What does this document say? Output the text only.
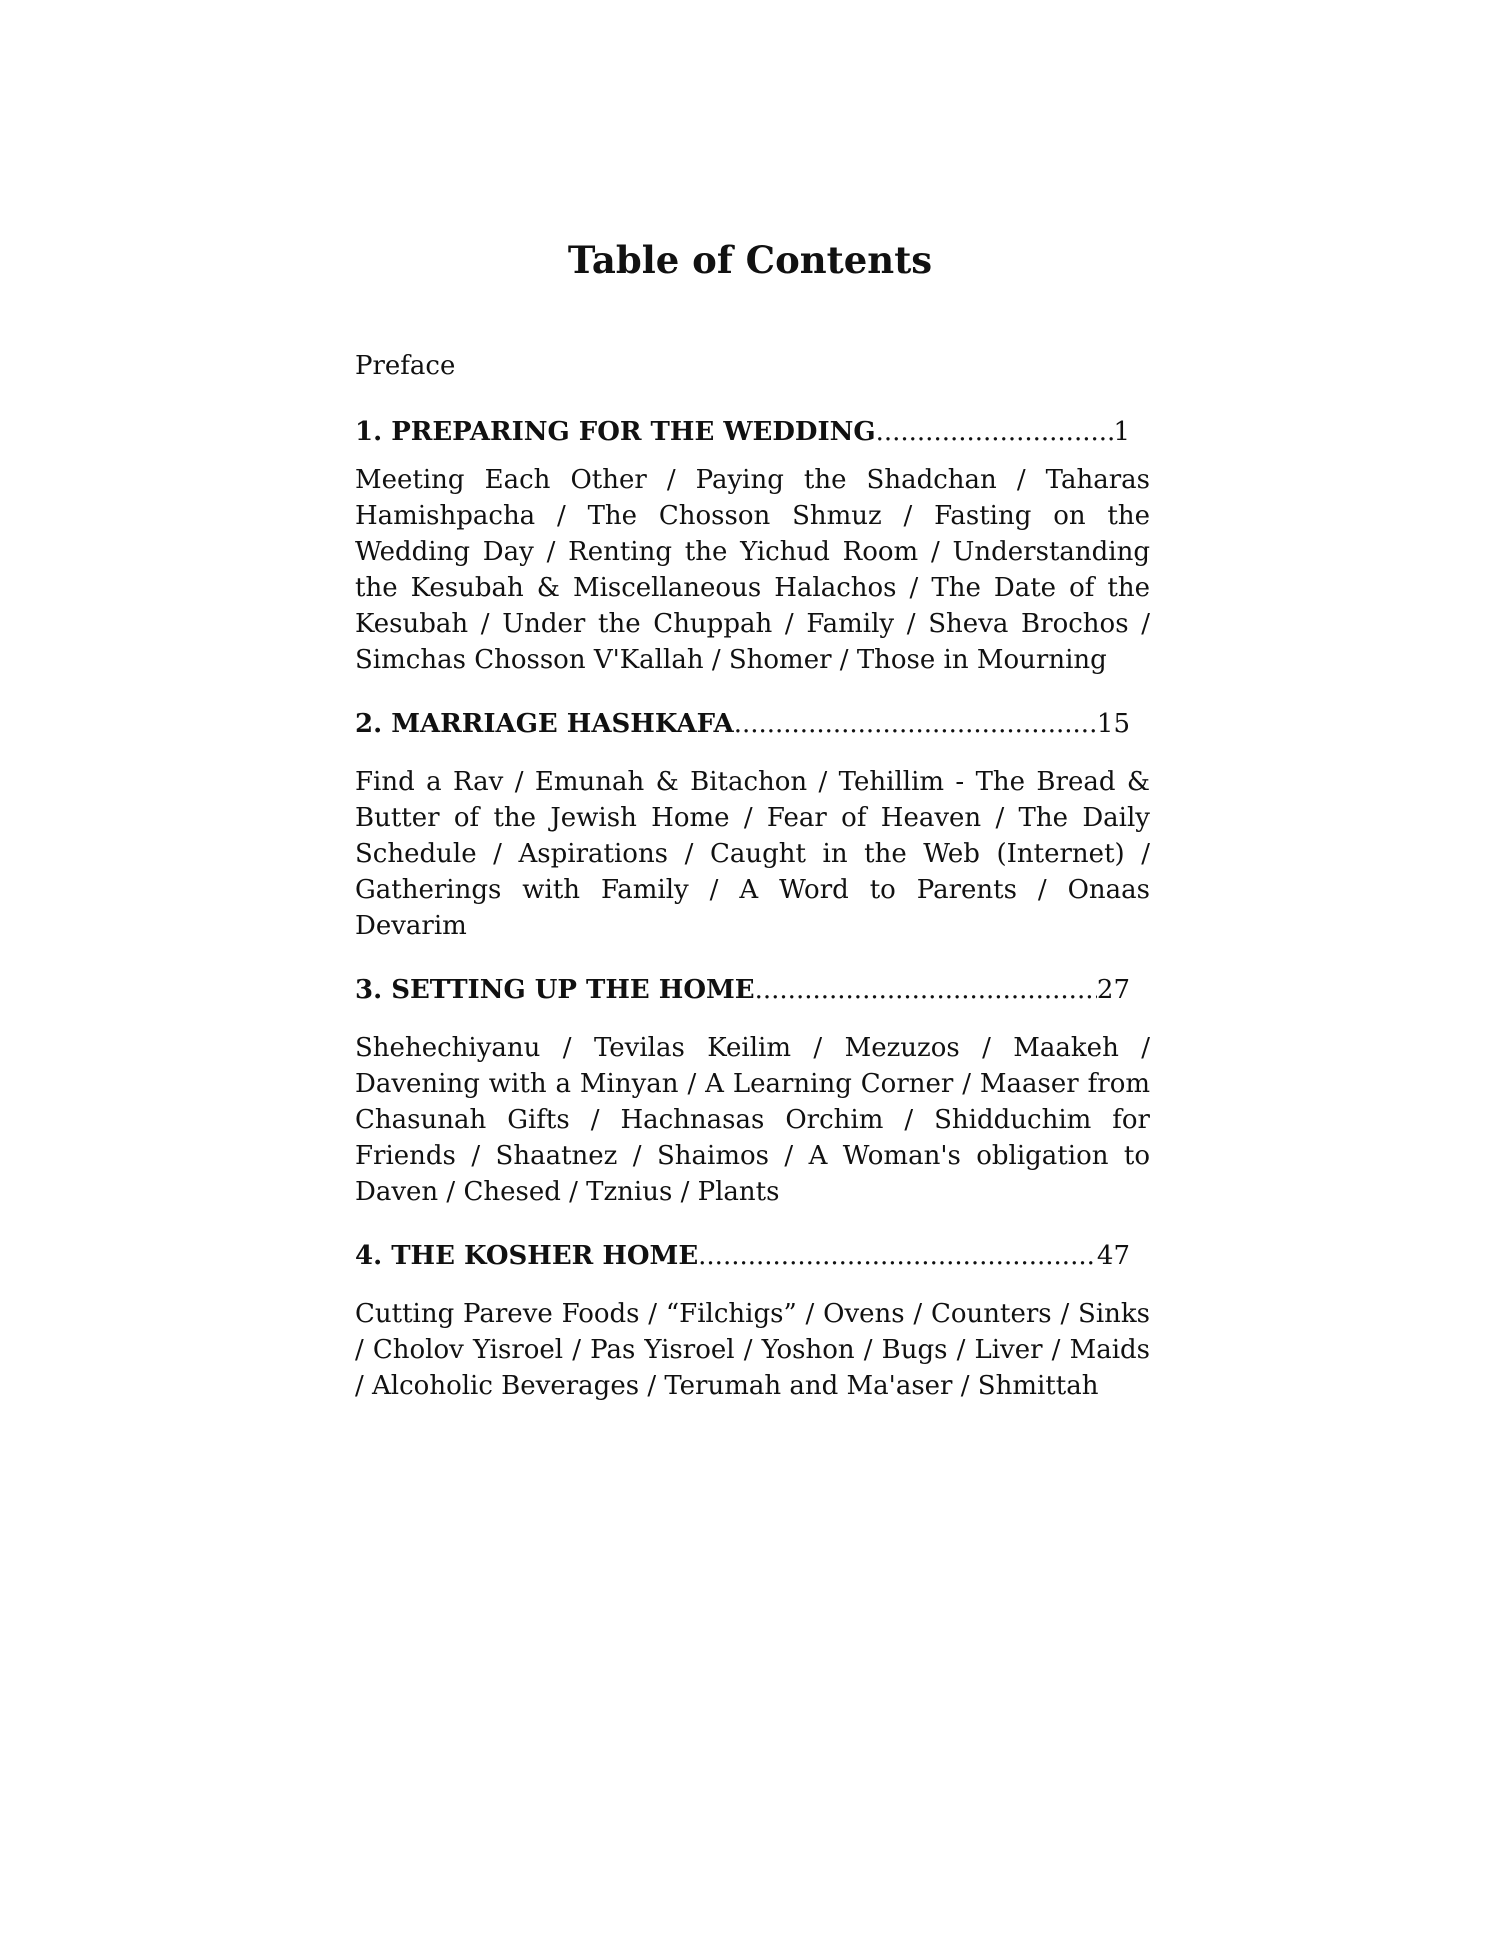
Table of Contents

Preface

1. PREPARING FOR THE WEDDING .....	1

Meeting Each Other / Paying the Shadchan / Taharas Hamishpacha / The Chosson Shmuz / Fasting on the Wedding Day / Renting the Yichud Room / Understanding the Kesubah & Miscellaneous Halachos / The Date of the Kesubah / Under the Chuppah / Family / Sheva Brochos / Simchas Chosson V'Kallah / Shomer / Those in Mourning

2. MARRIAGE HASHKAFA .....	15

Find a Rav / Emunah & Bitachon / Tehillim - The Bread & Butter of the Jewish Home / Fear of Heaven / The Daily Schedule / Aspirations / Caught in the Web (Internet) / Gatherings with Family / A Word to Parents / Onaas Devarim

3. SETTING UP THE HOME .....	27

Shehechiyanu / Tevilas Keilim / Mezuzos / Maakeh / Davening with a Minyan / A Learning Corner / Maaser from Chasunah Gifts / Hachnasas Orchim / Shidduchim for Friends / Shaatnez / Shaimos / A Woman's obligation to Daven / Chesed / Tznius / Plants

4. THE KOSHER HOME .....	47

Cutting Pareve Foods / “Filchigs” / Ovens / Counters / Sinks / Cholov Yisroel / Pas Yisroel / Yoshon / Bugs / Liver / Maids / Alcoholic Beverages / Terumah and Ma'aser / Shmittah
